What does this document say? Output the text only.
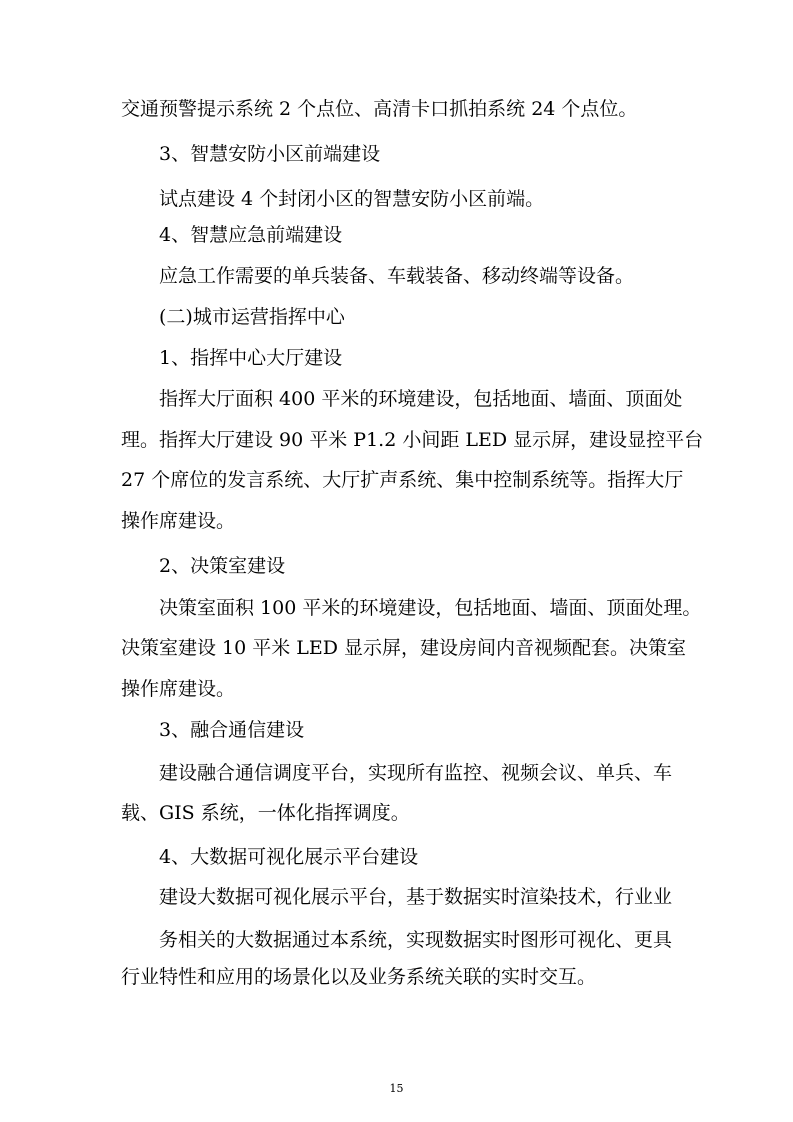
交通预警提示系统 2 个点位、高清卡口抓拍系统 24 个点位。
3、智慧安防小区前端建设
试点建设 4 个封闭小区的智慧安防小区前端。
4、智慧应急前端建设
应急工作需要的单兵装备、车载装备、移动终端等设备。
(二)城市运营指挥中心
1、指挥中心大厅建设
指挥大厅面积 400 平米的环境建设，包括地面、墙面、顶面处
理。指挥大厅建设 90 平米 P1.2 小间距 LED 显示屏，建设显控平台
27 个席位的发言系统、大厅扩声系统、集中控制系统等。指挥大厅
操作席建设。
2、决策室建设
决策室面积 100 平米的环境建设，包括地面、墙面、顶面处理。
决策室建设 10 平米 LED 显示屏，建设房间内音视频配套。决策室
操作席建设。
3、融合通信建设
建设融合通信调度平台，实现所有监控、视频会议、单兵、车
载、GIS 系统，一体化指挥调度。
4、大数据可视化展示平台建设
建设大数据可视化展示平台，基于数据实时渲染技术，行业业
务相关的大数据通过本系统，实现数据实时图形可视化、更具
行业特性和应用的场景化以及业务系统关联的实时交互。
15
